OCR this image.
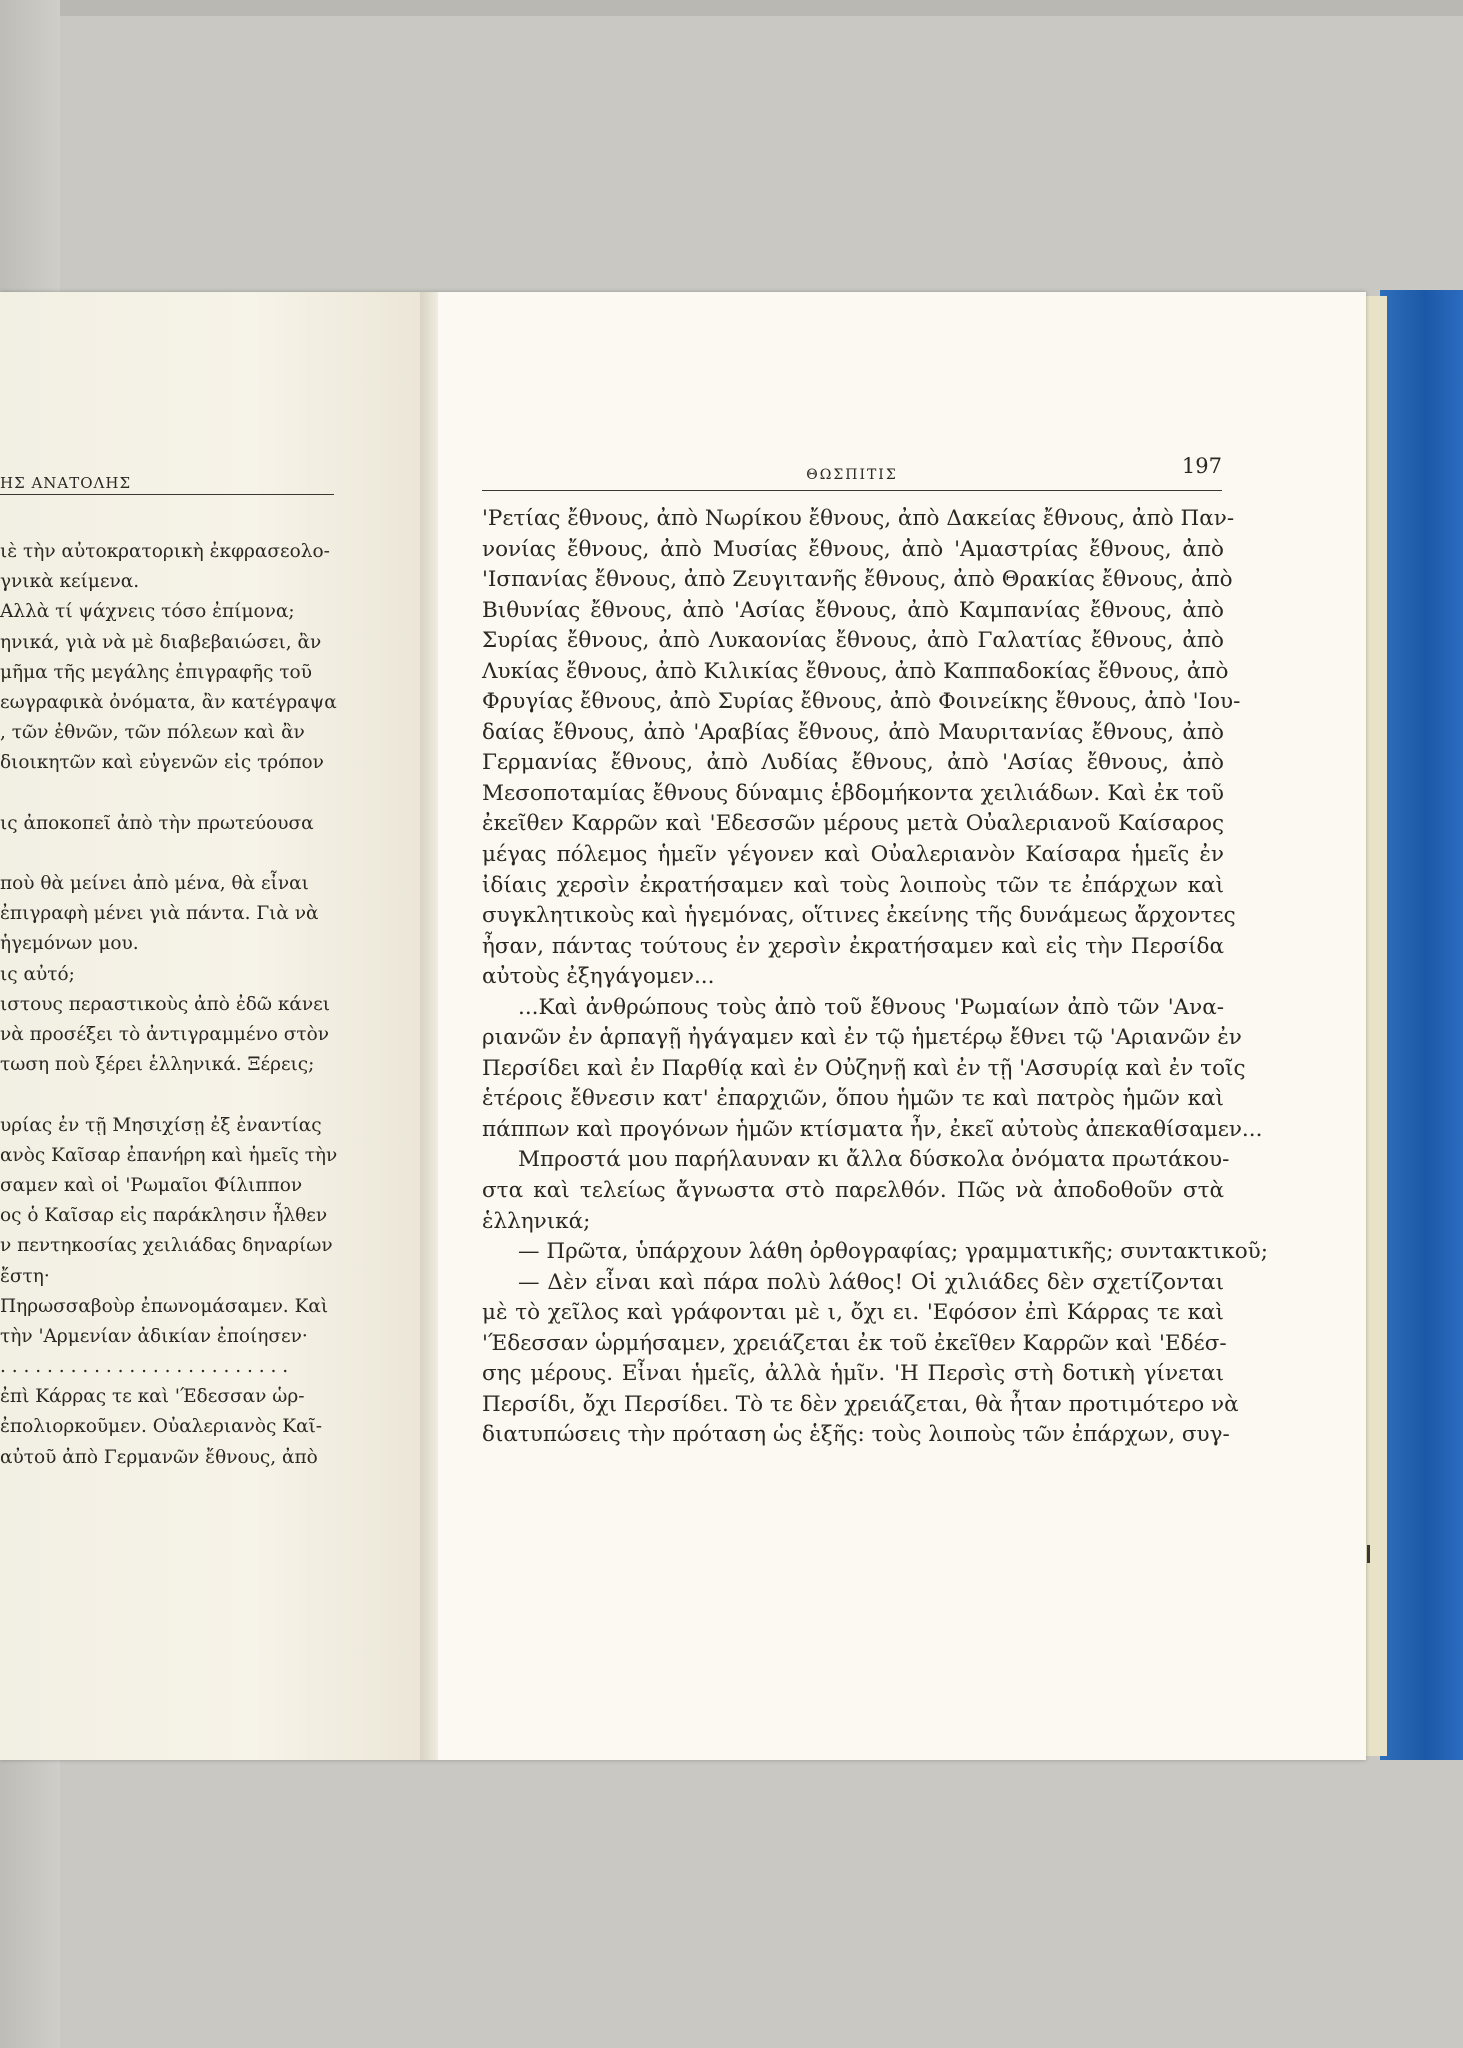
ΗΣ ΑΝΑΤΟΛΗΣ
ιὲ τὴν αὐτοκρατορικὴ ἐκφρασεολο-
γνικὰ κείμενα.
Αλλὰ τί ψάχνεις τόσο ἐπίμονα;
ηνικά, γιὰ νὰ μὲ διαβεβαιώσει, ἂν
μῆμα τῆς μεγάλης ἐπιγραφῆς τοῦ
εωγραφικὰ ὀνόματα, ἂν κατέγραψα
, τῶν ἐθνῶν, τῶν πόλεων καὶ ἂν
διοικητῶν καὶ εὐγενῶν εἰς τρόπον
ις ἀποκοπεῖ ἀπὸ τὴν πρωτεύουσα
ποὺ θὰ μείνει ἀπὸ μένα, θὰ εἶναι
ἐπιγραφὴ μένει γιὰ πάντα. Γιὰ νὰ
ἡγεμόνων μου.
ις αὐτό;
ιστους περαστικοὺς ἀπὸ ἐδῶ κάνει
νὰ προσέξει τὸ ἀντιγραμμένο στὸν
τωση ποὺ ξέρει ἑλληνικά. Ξέρεις;
υρίας ἐν τῇ Μησιχίσῃ ἐξ ἐναντίας
ανὸς Καῖσαρ ἐπανήρη καὶ ἡμεῖς τὴν
σαμεν καὶ οἱ 'Ρωμαῖοι Φίλιππον
ος ὁ Καῖσαρ εἰς παράκλησιν ἦλθεν
ν πεντηκοσίας χειλιάδας δηναρίων
ἔστη·
Πηρωσσαβοὺρ ἐπωνομάσαμεν. Καὶ
τὴν 'Αρμενίαν ἀδικίαν ἐποίησεν·
. . . . . . . . . . . . . . . . . . . . . . . . .
ἐπὶ Κάρρας τε καὶ 'Έδεσσαν ὡρ-
ἐπολιορκοῦμεν. Οὐαλεριανὸς Καῖ-
αὐτοῦ ἀπὸ Γερμανῶν ἔθνους, ἀπὸ
ΘΩΣΠΙΤΙΣ	197
'Ρετίας ἔθνους, ἀπὸ Νωρίκου ἔθνους, ἀπὸ Δακείας ἔθνους, ἀπὸ Παν-
νονίας ἔθνους, ἀπὸ Μυσίας ἔθνους, ἀπὸ 'Αμαστρίας ἔθνους, ἀπὸ
'Ισπανίας ἔθνους, ἀπὸ Ζευγιτανῆς ἔθνους, ἀπὸ Θρακίας ἔθνους, ἀπὸ
Βιθυνίας ἔθνους, ἀπὸ 'Ασίας ἔθνους, ἀπὸ Καμπανίας ἔθνους, ἀπὸ
Συρίας ἔθνους, ἀπὸ Λυκαονίας ἔθνους, ἀπὸ Γαλατίας ἔθνους, ἀπὸ
Λυκίας ἔθνους, ἀπὸ Κιλικίας ἔθνους, ἀπὸ Καππαδοκίας ἔθνους, ἀπὸ
Φρυγίας ἔθνους, ἀπὸ Συρίας ἔθνους, ἀπὸ Φοινείκης ἔθνους, ἀπὸ 'Ιου-
δαίας ἔθνους, ἀπὸ 'Αραβίας ἔθνους, ἀπὸ Μαυριτανίας ἔθνους, ἀπὸ
Γερμανίας ἔθνους, ἀπὸ Λυδίας ἔθνους, ἀπὸ 'Ασίας ἔθνους, ἀπὸ
Μεσοποταμίας ἔθνους δύναμις ἑβδομήκοντα χειλιάδων. Καὶ ἐκ τοῦ
ἐκεῖθεν Καρρῶν καὶ 'Εδεσσῶν μέρους μετὰ Οὐαλεριανοῦ Καίσαρος
μέγας πόλεμος ἡμεῖν γέγονεν καὶ Οὐαλεριανὸν Καίσαρα ἡμεῖς ἐν
ἰδίαις χερσὶν ἐκρατήσαμεν καὶ τοὺς λοιποὺς τῶν τε ἐπάρχων καὶ
συγκλητικοὺς καὶ ἡγεμόνας, οἵτινες ἐκείνης τῆς δυνάμεως ἄρχοντες
ἦσαν, πάντας τούτους ἐν χερσὶν ἐκρατήσαμεν καὶ εἰς τὴν Περσίδα
αὐτοὺς ἐξηγάγομεν...
...Καὶ ἀνθρώπους τοὺς ἀπὸ τοῦ ἔθνους 'Ρωμαίων ἀπὸ τῶν 'Ανα-
ριανῶν ἐν ἁρπαγῇ ἠγάγαμεν καὶ ἐν τῷ ἡμετέρῳ ἔθνει τῷ 'Αριανῶν ἐν
Περσίδει καὶ ἐν Παρθίᾳ καὶ ἐν Οὐζηνῇ καὶ ἐν τῇ 'Ασσυρίᾳ καὶ ἐν τοῖς
ἑτέροις ἔθνεσιν κατ' ἐπαρχιῶν, ὅπου ἡμῶν τε καὶ πατρὸς ἡμῶν καὶ
πάππων καὶ προγόνων ἡμῶν κτίσματα ἦν, ἐκεῖ αὐτοὺς ἀπεκαθίσαμεν...
Μπροστά μου παρήλαυναν κι ἄλλα δύσκολα ὀνόματα πρωτάκου-
στα καὶ τελείως ἄγνωστα στὸ παρελθόν. Πῶς νὰ ἀποδοθοῦν στὰ
ἑλληνικά;
— Πρῶτα, ὑπάρχουν λάθη ὀρθογραφίας; γραμματικῆς; συντακτικοῦ;
— Δὲν εἶναι καὶ πάρα πολὺ λάθος! Οἱ χιλιάδες δὲν σχετίζονται
μὲ τὸ χεῖλος καὶ γράφονται μὲ ι, ὄχι ει. 'Εφόσον ἐπὶ Κάρρας τε καὶ
'Έδεσσαν ὡρμήσαμεν, χρειάζεται ἐκ τοῦ ἐκεῖθεν Καρρῶν καὶ 'Εδέσ-
σης μέρους. Εἶναι ἡμεῖς, ἀλλὰ ἡμῖν. 'Η Περσὶς στὴ δοτικὴ γίνεται
Περσίδι, ὄχι Περσίδει. Τὸ τε δὲν χρειάζεται, θὰ ἦταν προτιμότερο νὰ
διατυπώσεις τὴν πρόταση ὡς ἑξῆς: τοὺς λοιποὺς τῶν ἐπάρχων, συγ-
